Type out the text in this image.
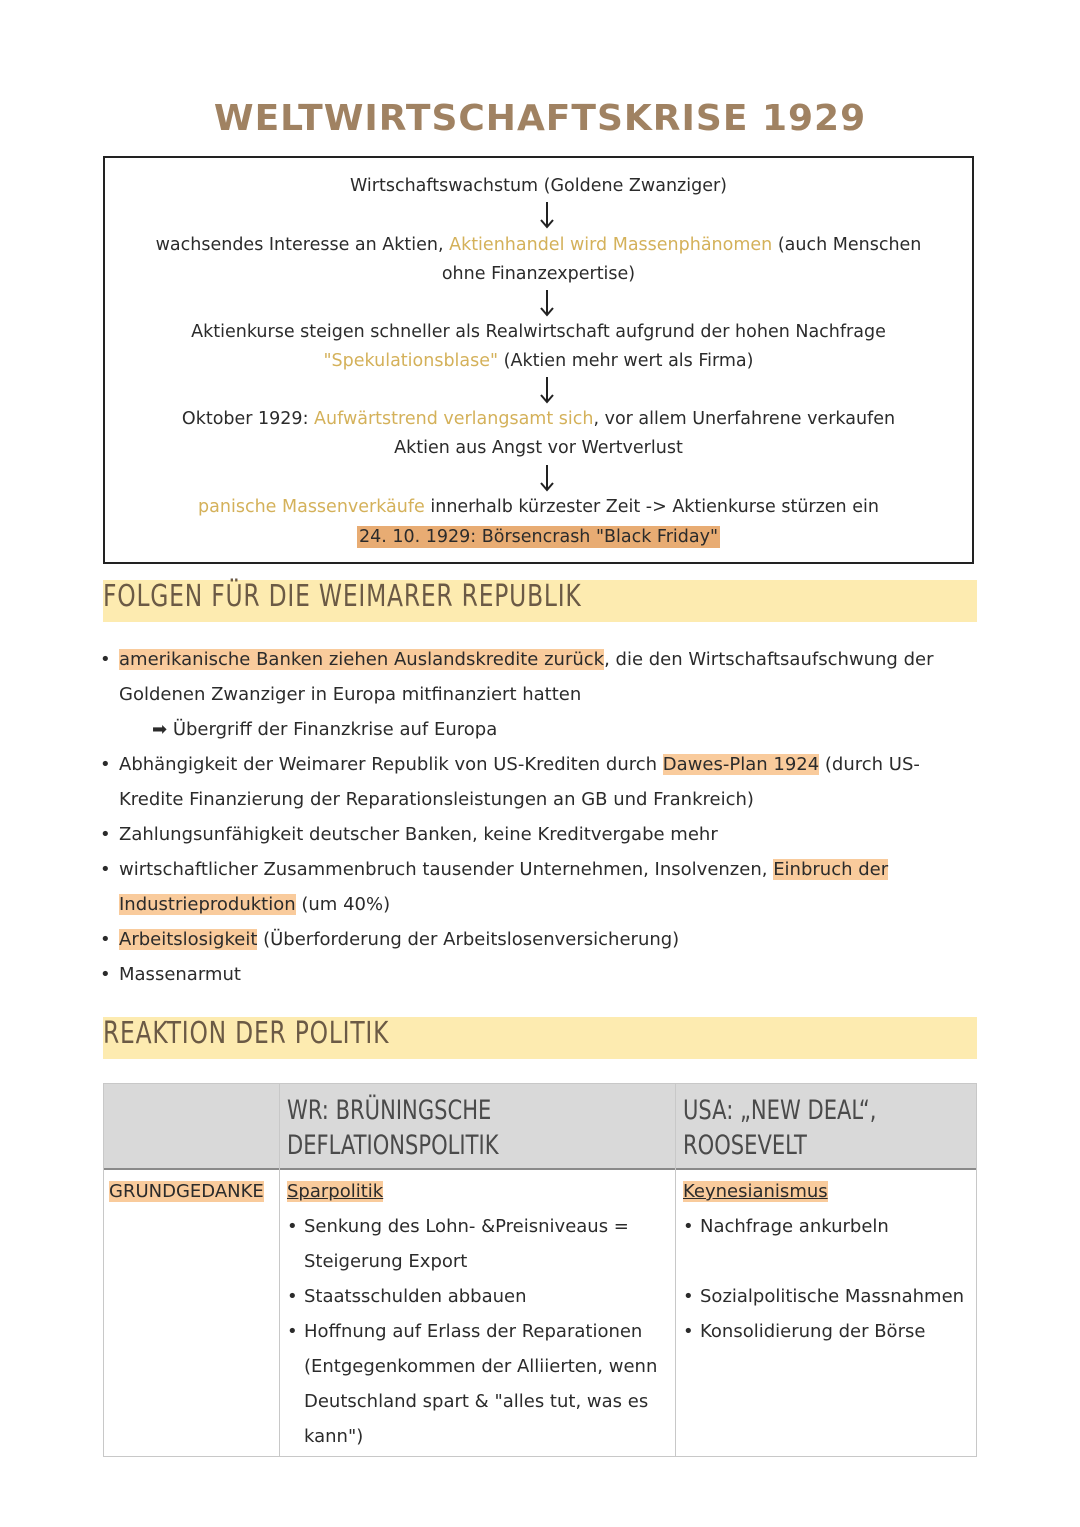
WELTWIRTSCHAFTSKRISE 1929
Wirtschaftswachstum (Goldene Zwanziger)
wachsendes Interesse an Aktien, Aktienhandel wird Massenphänomen (auch Menschen
ohne Finanzexpertise)
Aktienkurse steigen schneller als Realwirtschaft aufgrund der hohen Nachfrage
"Spekulationsblase" (Aktien mehr wert als Firma)
Oktober 1929: Aufwärtstrend verlangsamt sich, vor allem Unerfahrene verkaufen
Aktien aus Angst vor Wertverlust
panische Massenverkäufe innerhalb kürzester Zeit -> Aktienkurse stürzen ein
24. 10. 1929: Börsencrash "Black Friday"
FOLGEN FÜR DIE WEIMARER REPUBLIK
• amerikanische Banken ziehen Auslandskredite zurück, die den Wirtschaftsaufschwung der
Goldenen Zwanziger in Europa mitfinanziert hatten
➡ Übergriff der Finanzkrise auf Europa
• Abhängigkeit der Weimarer Republik von US-Krediten durch Dawes-Plan 1924 (durch US-
Kredite Finanzierung der Reparationsleistungen an GB und Frankreich)
• Zahlungsunfähigkeit deutscher Banken, keine Kreditvergabe mehr
• wirtschaftlicher Zusammenbruch tausender Unternehmen, Insolvenzen, Einbruch der
Industrieproduktion (um 40%)
• Arbeitslosigkeit (Überforderung der Arbeitslosenversicherung)
• Massenarmut
REAKTION DER POLITIK
WR: BRÜNINGSCHE
DEFLATIONSPOLITIK
USA: „NEW DEAL“,
ROOSEVELT
GRUNDGEDANKE Sparpolitik
• Senkung des Lohn- &Preisniveaus =
Steigerung Export
• Staatsschulden abbauen
• Hoffnung auf Erlass der Reparationen
(Entgegenkommen der Alliierten, wenn
Deutschland spart & "alles tut, was es
kann")
Keynesianismus
• Nachfrage ankurbeln
• Sozialpolitische Massnahmen
• Konsolidierung der Börse
